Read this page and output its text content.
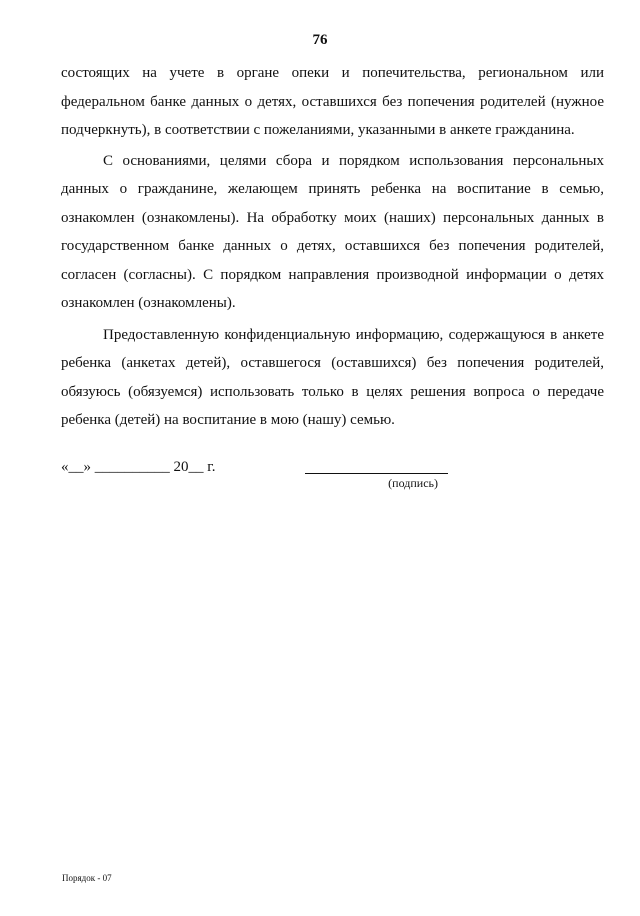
76

состоящих на учете в органе опеки и попечительства, региональном или федеральном банке данных о детях, оставшихся без попечения родителей (нужное подчеркнуть), в соответствии с пожеланиями, указанными в анкете гражданина.

С основаниями, целями сбора и порядком использования персональных данных о гражданине, желающем принять ребенка на воспитание в семью, ознакомлен (ознакомлены). На обработку моих (наших) персональных данных в государственном банке данных о детях, оставшихся без попечения родителей, согласен (согласны). С порядком направления производной информации о детях ознакомлен (ознакомлены).

Предоставленную конфиденциальную информацию, содержащуюся в анкете ребенка (анкетах детей), оставшегося (оставшихся) без попечения родителей, обязуюсь (обязуемся) использовать только в целях решения вопроса о передаче ребенка (детей) на воспитание в мою (нашу) семью.

«__» __________ 20__ г.
(подпись)
Порядок - 07
